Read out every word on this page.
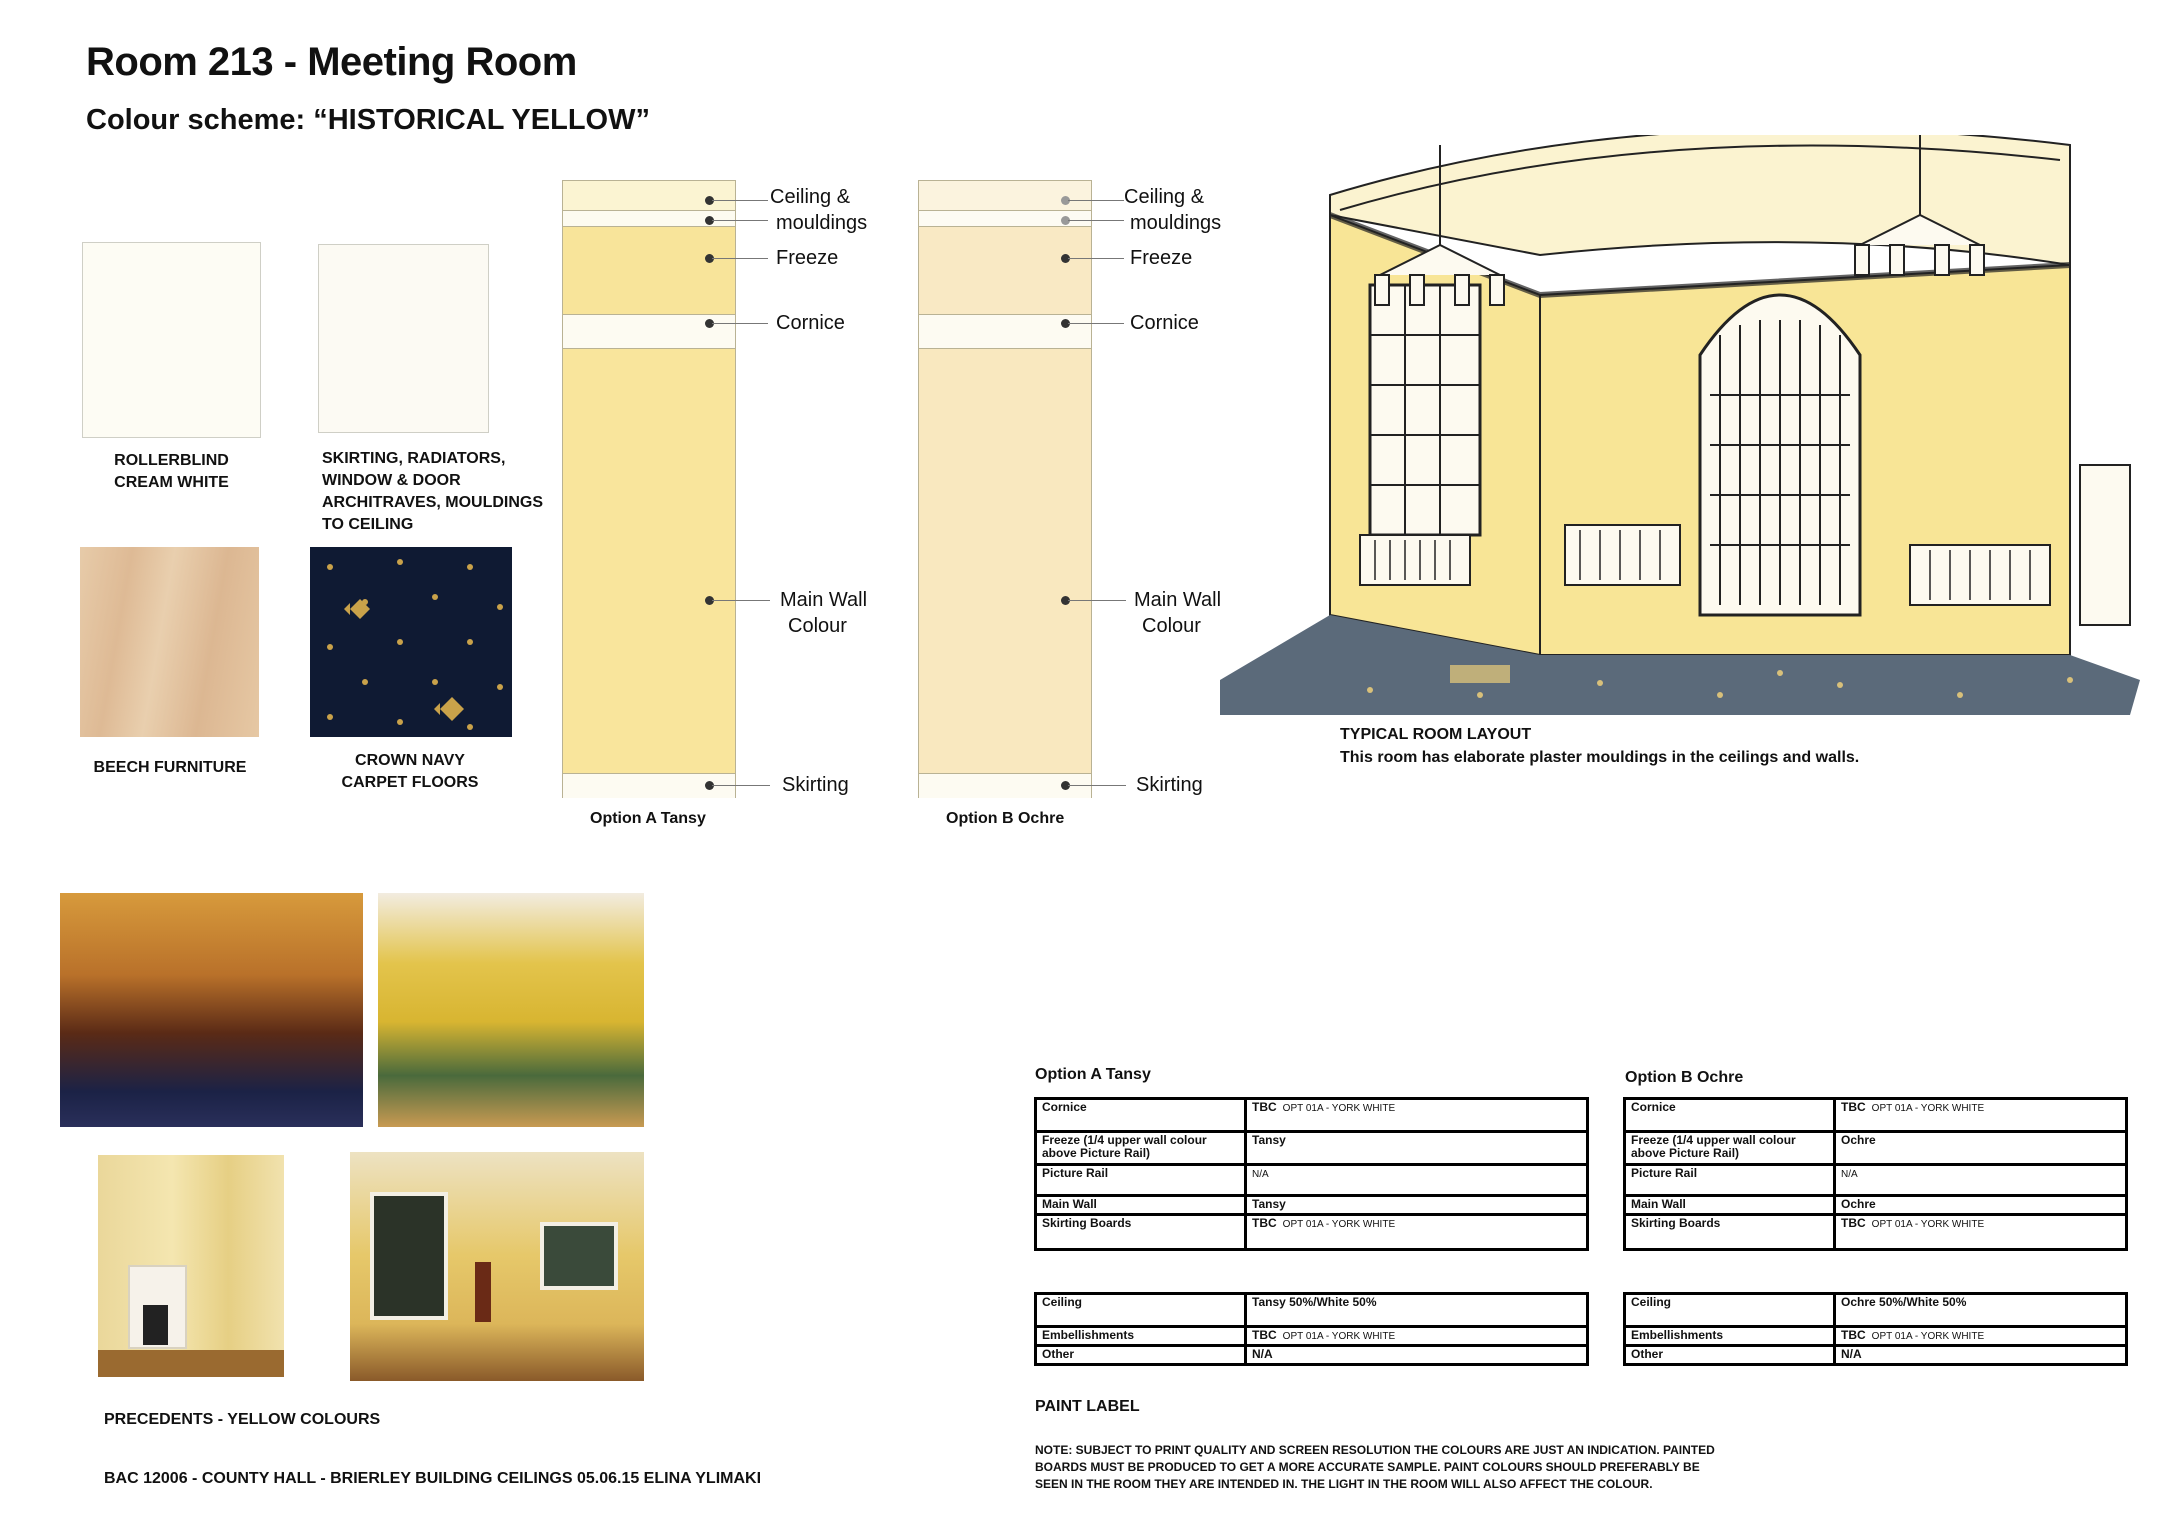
Room 213 - Meeting Room
Colour scheme: “HISTORICAL YELLOW”
ROLLERBLIND
CREAM WHITE
SKIRTING, RADIATORS,
WINDOW & DOOR
ARCHITRAVES, MOULDINGS
TO CEILING
BEECH FURNITURE	CROWN NAVY
CARPET FLOORS
Option A Tansy
Ceiling &
mouldings
Freeze
Cornice
Main Wall
Colour
Skirting
Option B Ochre
Ceiling &
mouldings
Freeze
Cornice
Main Wall
Colour
Skirting
TYPICAL ROOM LAYOUT
This room has elaborate plaster mouldings in the ceilings and walls.
PRECEDENTS - YELLOW COLOURS
BAC 12006 - COUNTY HALL - BRIERLEY BUILDING CEILINGS 05.06.15 ELINA YLIMAKI
Option A Tansy
Cornice	TBC OPT 01A - YORK WHITE
Freeze (1/4 upper wall colour above Picture Rail)	Tansy
Picture Rail	N/A
Main Wall	Tansy
Skirting Boards	TBC OPT 01A - YORK WHITE
Ceiling	Tansy 50%/White 50%
Embellishments	TBC OPT 01A - YORK WHITE
Other	N/A
Option B Ochre
Cornice	TBC OPT 01A - YORK WHITE
Freeze (1/4 upper wall colour above Picture Rail)	Ochre
Picture Rail	N/A
Main Wall	Ochre
Skirting Boards	TBC OPT 01A - YORK WHITE
Ceiling	Ochre 50%/White 50%
Embellishments	TBC OPT 01A - YORK WHITE
Other	N/A
PAINT LABEL
NOTE: SUBJECT TO PRINT QUALITY AND SCREEN RESOLUTION THE COLOURS ARE JUST AN INDICATION. PAINTED BOARDS MUST BE PRODUCED TO GET A MORE ACCURATE SAMPLE. PAINT COLOURS SHOULD PREFERABLY BE SEEN IN THE ROOM THEY ARE INTENDED IN. THE LIGHT IN THE ROOM WILL ALSO AFFECT THE COLOUR.
